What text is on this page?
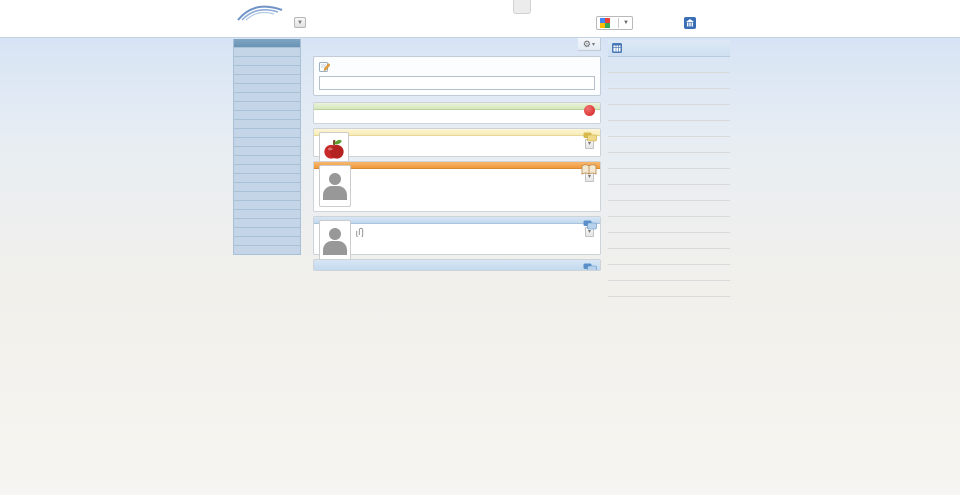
▼	▼
⚙ ▾
▾
▾
▾
